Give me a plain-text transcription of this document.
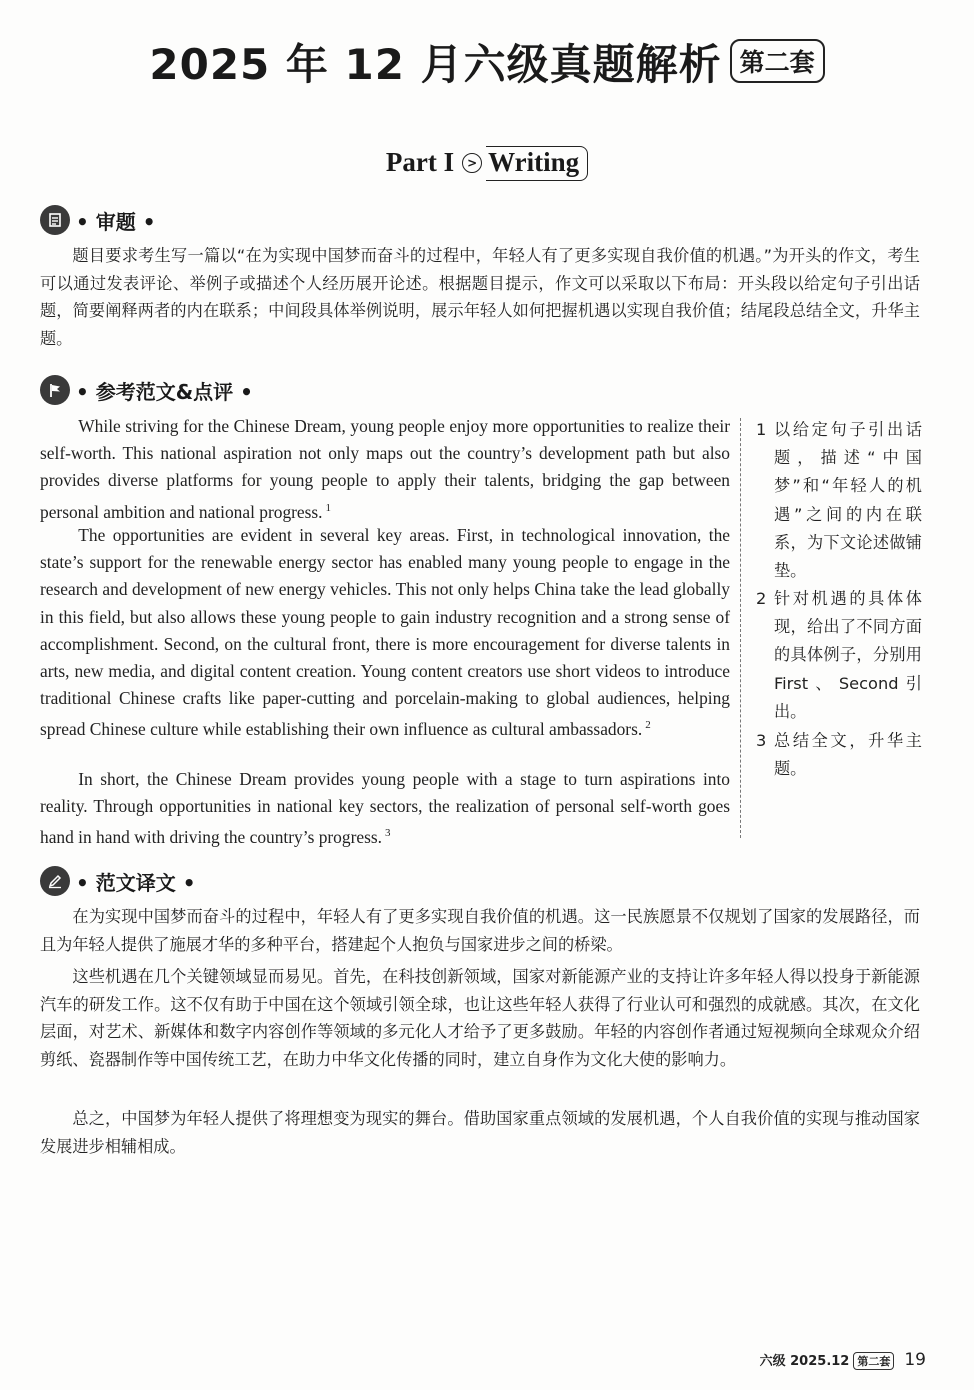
2025 年 12 月六级真题解析 第二套
Part I > Writing
• 审题 •

题目要求考生写一篇以“在为实现中国梦而奋斗的过程中，年轻人有了更多实现自我价值的机遇。”为开头的作文，考生可以通过发表评论、举例子或描述个人经历展开论述。根据题目提示，作文可以采取以下布局：开头段以给定句子引出话题，简要阐释两者的内在联系；中间段具体举例说明，展示年轻人如何把握机遇以实现自我价值；结尾段总结全文，升华主题。

• 参考范文&点评 •

While striving for the Chinese Dream, young people enjoy more opportunities to realize their self-worth. This national aspiration not only maps out the country’s development path but also provides diverse platforms for young people to apply their talents, bridging the gap between personal ambition and national progress. $^1$

The opportunities are evident in several key areas. First, in technological innovation, the state’s support for the renewable energy sector has enabled many young people to engage in the research and development of new energy vehicles. This not only helps China take the lead globally in this field, but also allows these young people to gain industry recognition and a strong sense of accomplishment. Second, on the cultural front, there is more encouragement for diverse talents in arts, new media, and digital content creation. Young content creators use short videos to introduce traditional Chinese crafts like paper-cutting and porcelain-making to global audiences, helping spread Chinese culture while establishing their own influence as cultural ambassadors. $^2$

In short, the Chinese Dream provides young people with a stage to turn aspirations into reality. Through opportunities in national key sectors, the realization of personal self-worth goes hand in hand with driving the country’s progress. $^3$

1 以给定句子引出话题，描述“中国梦”和“年轻人的机遇”之间的内在联系，为下文论述做铺垫。
2 针对机遇的具体体现，给出了不同方面的具体例子，分别用First、Second引出。
3 总结全文，升华主题。
• 范文译文 •

在为实现中国梦而奋斗的过程中，年轻人有了更多实现自我价值的机遇。这一民族愿景不仅规划了国家的发展路径，而且为年轻人提供了施展才华的多种平台，搭建起个人抱负与国家进步之间的桥梁。

这些机遇在几个关键领域显而易见。首先，在科技创新领域，国家对新能源产业的支持让许多年轻人得以投身于新能源汽车的研发工作。这不仅有助于中国在这个领域引领全球，也让这些年轻人获得了行业认可和强烈的成就感。其次，在文化层面，对艺术、新媒体和数字内容创作等领域的多元化人才给予了更多鼓励。年轻的内容创作者通过短视频向全球观众介绍剪纸、瓷器制作等中国传统工艺，在助力中华文化传播的同时，建立自身作为文化大使的影响力。

总之，中国梦为年轻人提供了将理想变为现实的舞台。借助国家重点领域的发展机遇，个人自我价值的实现与推动国家发展进步相辅相成。

六级 2025.12 第二套 19
